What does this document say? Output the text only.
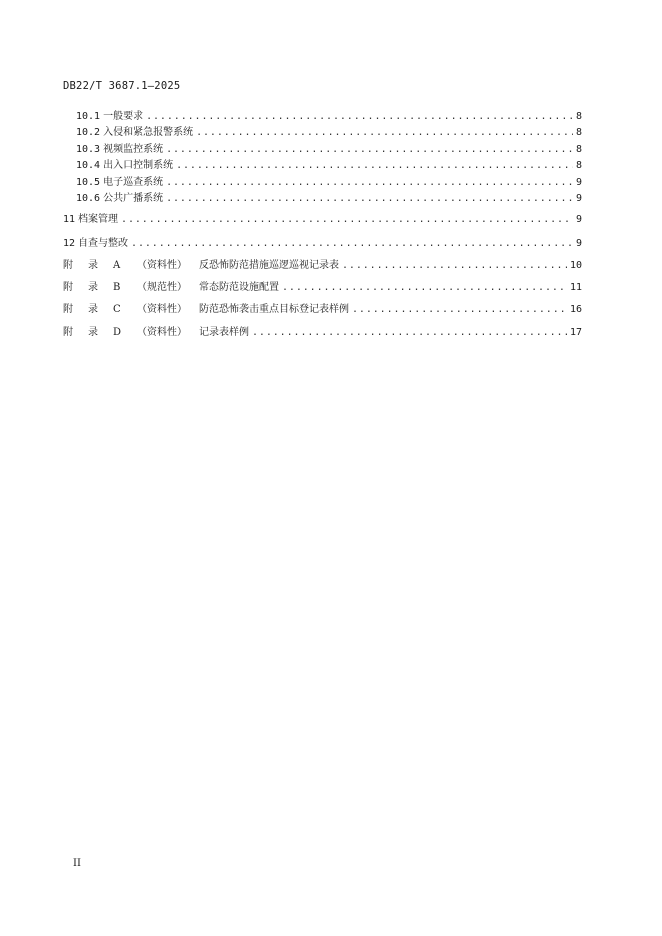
DB22/T 3687.1—2025
10.1 一般要求 .....	8
10.2 入侵和紧急报警系统 .....	8
10.3 视频监控系统 .....	8
10.4 出入口控制系统 .....	8
10.5 电子巡查系统 .....	9
10.6 公共广播系统 .....	9
11 档案管理 .....	9
12 自查与整改 .....	9
附	录	A	（资料性）	反恐怖防范措施巡逻巡视记录表 .....	10
附	录	B	（规范性）	常态防范设施配置 .....	11
附	录	C	（资料性）	防范恐怖袭击重点目标登记表样例 .....	16
附	录	D	（资料性）	记录表样例 .....	17
II
